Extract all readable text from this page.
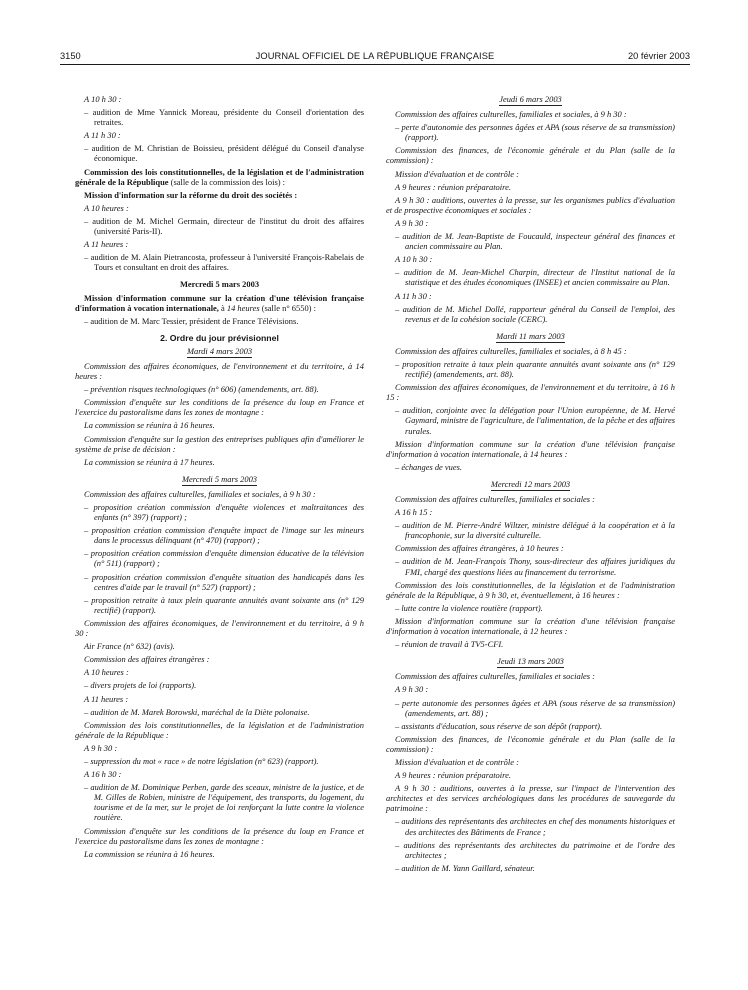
3150	JOURNAL OFFICIEL DE LA RÉPUBLIQUE FRANÇAISE	20 février 2003
A 10 h 30 :
– audition de Mme Yannick Moreau, présidente du Conseil d'orientation des retraites.
A 11 h 30 :
– audition de M. Christian de Boissieu, président délégué du Conseil d'analyse économique.
Commission des lois constitutionnelles, de la législation et de l'administration générale de la République (salle de la commission des lois) :
Mission d'information sur la réforme du droit des sociétés :
A 10 heures :
– audition de M. Michel Germain, directeur de l'institut du droit des affaires (université Paris-II).
A 11 heures :
– audition de M. Alain Pietrancosta, professeur à l'université François-Rabelais de Tours et consultant en droit des affaires.
Mercredi 5 mars 2003
Mission d'information commune sur la création d'une télévision française d'information à vocation internationale, à 14 heures (salle n° 6550) :
– audition de M. Marc Tessier, président de France Télévisions.
2. Ordre du jour prévisionnel
Mardi 4 mars 2003
Commission des affaires économiques, de l'environnement et du territoire, à 14 heures :
– prévention risques technologiques (n° 606) (amendements, art. 88).
Commission d'enquête sur les conditions de la présence du loup en France et l'exercice du pastoralisme dans les zones de montagne :
La commission se réunira à 16 heures.
Commission d'enquête sur la gestion des entreprises publiques afin d'améliorer le système de prise de décision :
La commission se réunira à 17 heures.
Mercredi 5 mars 2003
Commission des affaires culturelles, familiales et sociales, à 9 h 30 :
– proposition création commission d'enquête violences et maltraitances des enfants (n° 397) (rapport) ;
– proposition création commission d'enquête impact de l'image sur les mineurs dans le processus délinquant (n° 470) (rapport) ;
– proposition création commission d'enquête dimension éducative de la télévision (n° 511) (rapport) ;
– proposition création commission d'enquête situation des handicapés dans les centres d'aide par le travail (n° 527) (rapport) ;
– proposition retraite à taux plein quarante annuités avant soixante ans (n° 129 rectifié) (rapport).
Commission des affaires économiques, de l'environnement et du territoire, à 9 h 30 :
Air France (n° 632) (avis).
Commission des affaires étrangères :
A 10 heures :
– divers projets de loi (rapports).
A 11 heures :
– audition de M. Marek Borowski, maréchal de la Diète polonaise.
Commission des lois constitutionnelles, de la législation et de l'administration générale de la République :
A 9 h 30 :
– suppression du mot « race » de notre législation (n° 623) (rapport).
A 16 h 30 :
– audition de M. Dominique Perben, garde des sceaux, ministre de la justice, et de M. Gilles de Robien, ministre de l'équipement, des transports, du logement, du tourisme et de la mer, sur le projet de loi renforçant la lutte contre la violence routière.
Commission d'enquête sur les conditions de la présence du loup en France et l'exercice du pastoralisme dans les zones de montagne :
La commission se réunira à 16 heures.
Jeudi 6 mars 2003
Commission des affaires culturelles, familiales et sociales, à 9 h 30 :
– perte d'autonomie des personnes âgées et APA (sous réserve de sa transmission) (rapport).
Commission des finances, de l'économie générale et du Plan (salle de la commission) :
Mission d'évaluation et de contrôle :
A 9 heures : réunion préparatoire.
A 9 h 30 : auditions, ouvertes à la presse, sur les organismes publics d'évaluation et de prospective économiques et sociales :
A 9 h 30 :
– audition de M. Jean-Baptiste de Foucauld, inspecteur général des finances et ancien commissaire au Plan.
A 10 h 30 :
– audition de M. Jean-Michel Charpin, directeur de l'Institut national de la statistique et des études économiques (INSEE) et ancien commissaire au Plan.
A 11 h 30 :
– audition de M. Michel Dollé, rapporteur général du Conseil de l'emploi, des revenus et de la cohésion sociale (CERC).
Mardi 11 mars 2003
Commission des affaires culturelles, familiales et sociales, à 8 h 45 :
– proposition retraite à taux plein quarante annuités avant soixante ans (n° 129 rectifié) (amendements, art. 88).
Commission des affaires économiques, de l'environnement et du territoire, à 16 h 15 :
– audition, conjointe avec la délégation pour l'Union européenne, de M. Hervé Gaymard, ministre de l'agriculture, de l'alimentation, de la pêche et des affaires rurales.
Mission d'information commune sur la création d'une télévision française d'information à vocation internationale, à 14 heures :
– échanges de vues.
Mercredi 12 mars 2003
Commission des affaires culturelles, familiales et sociales :
A 16 h 15 :
– audition de M. Pierre-André Wiltzer, ministre délégué à la coopération et à la francophonie, sur la diversité culturelle.
Commission des affaires étrangères, à 10 heures :
– audition de M. Jean-François Thony, sous-directeur des affaires juridiques du FMI, chargé des questions liées au financement du terrorisme.
Commission des lois constitutionnelles, de la législation et de l'administration générale de la République, à 9 h 30, et, éventuellement, à 16 heures :
– lutte contre la violence routière (rapport).
Mission d'information commune sur la création d'une télévision française d'information à vocation internationale, à 12 heures :
– réunion de travail à TV5-CFI.
Jeudi 13 mars 2003
Commission des affaires culturelles, familiales et sociales :
A 9 h 30 :
– perte autonomie des personnes âgées et APA (sous réserve de sa transmission) (amendements, art. 88) ;
– assistants d'éducation, sous réserve de son dépôt (rapport).
Commission des finances, de l'économie générale et du Plan (salle de la commission) :
Mission d'évaluation et de contrôle :
A 9 heures : réunion préparatoire.
A 9 h 30 : auditions, ouvertes à la presse, sur l'impact de l'intervention des architectes et des services archéologiques dans les procédures de sauvegarde du patrimoine :
– auditions des représentants des architectes en chef des monuments historiques et des architectes des Bâtiments de France ;
– auditions des représentants des architectes du patrimoine et de l'ordre des architectes ;
– audition de M. Yann Gaillard, sénateur.
